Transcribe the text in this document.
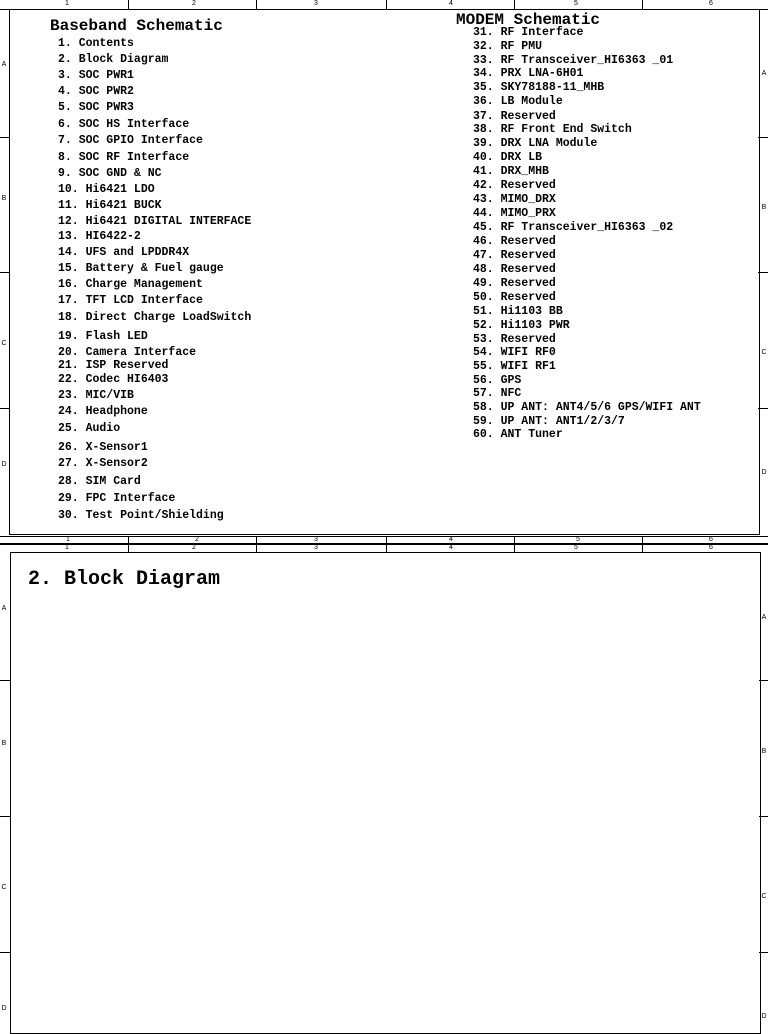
1	2	3	4	5	6
A
B
C
D
A
B
C
D
Baseband Schematic	MODEM Schematic
1. Contents
2. Block Diagram
3. SOC PWR1
4. SOC PWR2
5. SOC PWR3
6. SOC HS Interface
7. SOC GPIO Interface
8. SOC RF Interface
9. SOC GND & NC
10. Hi6421 LDO
11. Hi6421 BUCK
12. Hi6421 DIGITAL INTERFACE
13. HI6422-2
14. UFS and LPDDR4X
15. Battery & Fuel gauge
16. Charge Management
17. TFT LCD Interface
18. Direct Charge LoadSwitch
19. Flash LED
20. Camera Interface
21. ISP Reserved
22. Codec HI6403
23. MIC/VIB
24. Headphone
25. Audio
26. X-Sensor1
27. X-Sensor2
28. SIM Card
29. FPC Interface
30. Test Point/Shielding
31. RF Interface
32. RF PMU
33. RF Transceiver_HI6363 _01
34. PRX LNA-6H01
35. SKY78188-11_MHB
36. LB Module
37. Reserved
38. RF Front End Switch
39. DRX LNA Module
40. DRX LB
41. DRX_MHB
42. Reserved
43. MIMO_DRX
44. MIMO_PRX
45. RF Transceiver_HI6363 _02
46. Reserved
47. Reserved
48. Reserved
49. Reserved
50. Reserved
51. Hi1103 BB
52. Hi1103 PWR
53. Reserved
54. WIFI RF0
55. WIFI RF1
56. GPS
57. NFC
58. UP ANT: ANT4/5/6 GPS/WIFI ANT
59. UP ANT: ANT1/2/3/7
60. ANT Tuner
1	2	3	4	5	6
1	2	3	4	5	6
A
B
C
D
A
B
C
D
2. Block Diagram
